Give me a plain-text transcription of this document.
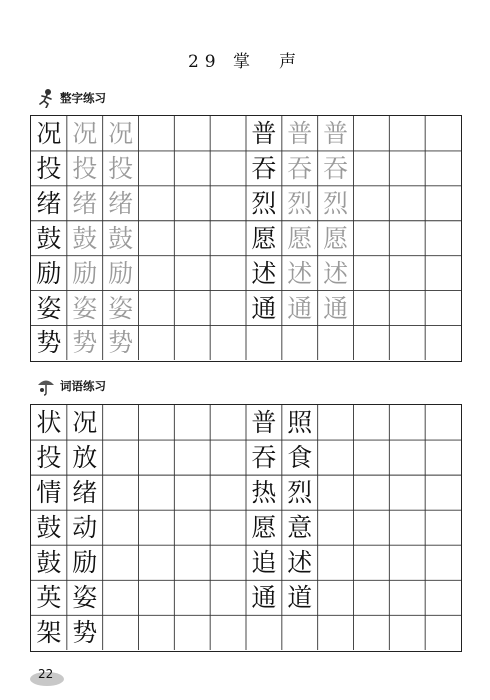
29 掌　声
整字练习
况 况 况	普 普 普
投 投 投	吞 吞 吞
绪 绪 绪	烈 烈 烈
鼓 鼓 鼓	愿 愿 愿
励 励 励	述 述 述
姿 姿 姿	通 通 通
势 势 势
词语练习
状 况	普 照
投 放	吞 食
情 绪	热 烈
鼓 动	愿 意
鼓 励	追 述
英 姿	通 道
架 势
22
